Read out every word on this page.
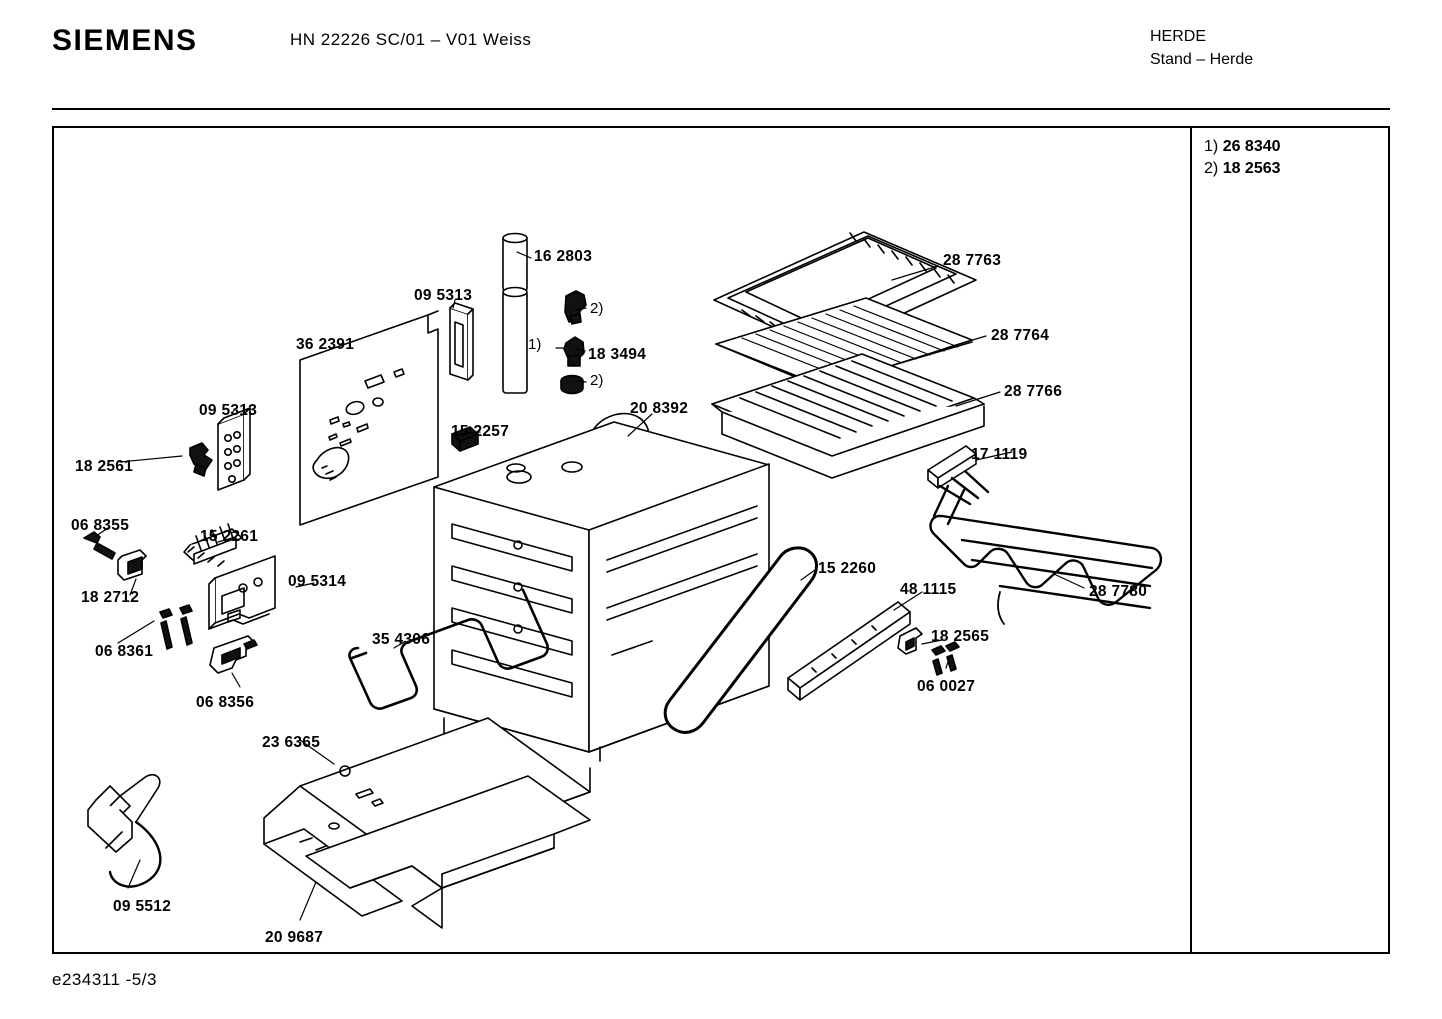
SIEMENS	HN 22226 SC/01 – V01 Weiss	HERDE
Stand – Herde
e234311 -5/3
1) 26 8340
2) 18 2563
16 2803
09 5313
36 2391
18 3494
09 5313	20 8392
15 2257
18 2561
28 7763
28 7764
28 7766
17 1119
06 8355
15 2261
18 2712
09 5314
06 8361
06 8356
35 4306
15 2260
48 1115
18 2565
06 0027
28 7780
23 6365
09 5512
20 9687
1)
2)
2)
